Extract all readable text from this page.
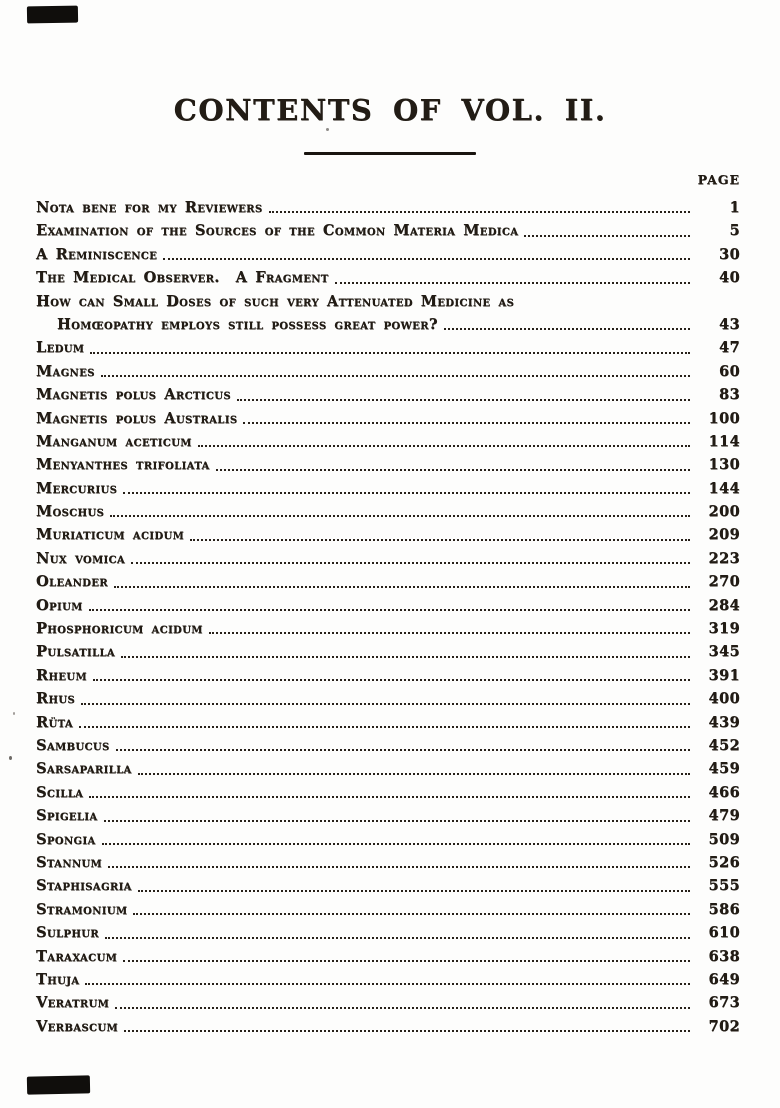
CONTENTS OF VOL. II.
PAGE
Nota bene for my Reviewers	1
Examination of the Sources of the Common Materia Medica	5
A Reminiscence	30
The Medical Observer.  A Fragment	40
How can Small Doses of such very Attenuated Medicine as
Homœopathy employs still possess great power?	43
Ledum	47
Magnes	60
Magnetis polus Arcticus	83
Magnetis polus Australis	100
Manganum aceticum	114
Menyanthes trifoliata	130
Mercurius	144
Moschus	200
Muriaticum acidum	209
Nux vomica	223
Oleander	270
Opium	284
Phosphoricum acidum	319
Pulsatilla	345
Rheum	391
Rhus	400
Rüta	439
Sambucus	452
Sarsaparilla	459
Scilla	466
Spigelia	479
Spongia	509
Stannum	526
Staphisagria	555
Stramonium	586
Sulphur	610
Taraxacum	638
Thuja	649
Veratrum	673
Verbascum	702
